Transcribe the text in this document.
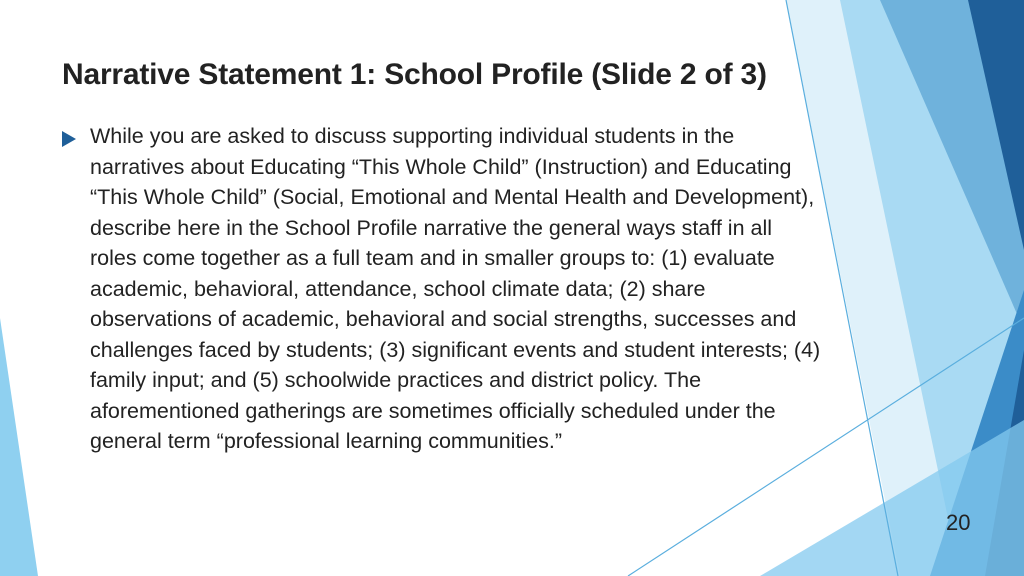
Narrative Statement 1: School Profile (Slide 2 of 3)

While you are asked to discuss supporting individual students in the narratives about Educating “This Whole Child” (Instruction) and Educating “This Whole Child” (Social, Emotional and Mental Health and Development), describe here in the School Profile narrative the general ways staff in all roles come together as a full team and in smaller groups to: (1) evaluate academic, behavioral, attendance, school climate data; (2) share observations of academic, behavioral and social strengths, successes and challenges faced by students; (3) significant events and student interests; (4) family input; and (5) schoolwide practices and district policy. The aforementioned gatherings are sometimes officially scheduled under the general term “professional learning communities.”

20
